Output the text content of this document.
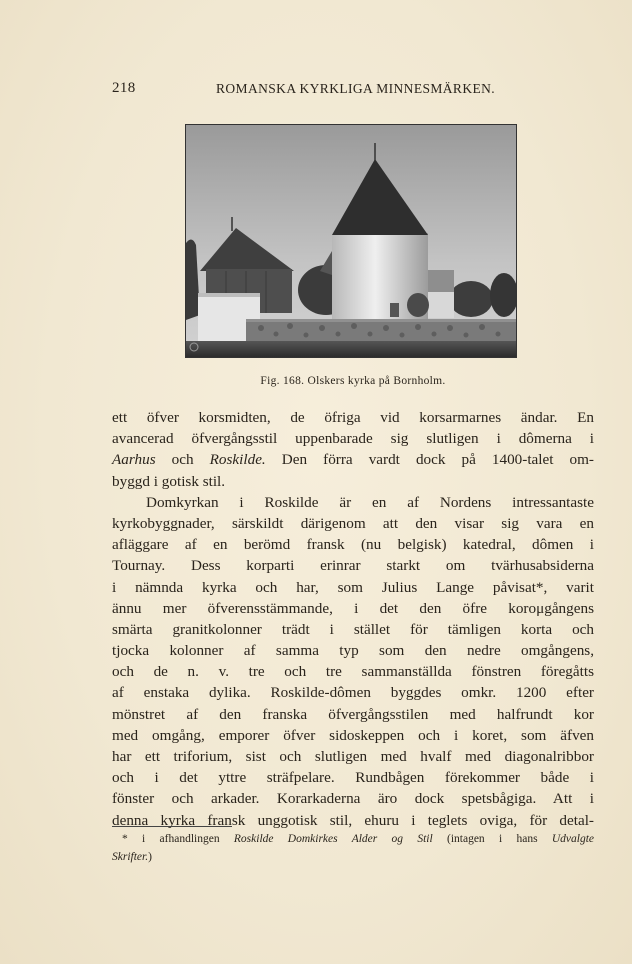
218	ROMANSKA KYRKLIGA MINNESMÄRKEN.
Fig. 168. Olskers kyrka på Bornholm.
ett öfver korsmidten, de öfriga vid korsarmarnes ändar. En
avancerad öfvergångsstil uppenbarade sig slutligen i dômerna i
Aarhus och Roskilde. Den förra vardt dock på 1400-talet om-
byggd i gotisk stil.
Domkyrkan i Roskilde är en af Nordens intressantaste
kyrkobyggnader, särskildt därigenom att den visar sig vara en
afläggare af en berömd fransk (nu belgisk) katedral, dômen i
Tournay. Dess korparti erinrar starkt om tvärhusabsiderna
i nämnda kyrka och har, som Julius Lange påvisat*, varit
ännu mer öfverensstämmande, i det den öfre korομgångens
smärta granitkolonner trädt i stället för tämligen korta och
tjocka kolonner af samma typ som den nedre omgångens,
och de n. v. tre och tre sammanställda fönstren föregåtts
af enstaka dylika. Roskilde-dômen byggdes omkr. 1200 efter
mönstret af den franska öfvergångsstilen med halfrundt kor
med omgång, emporer öfver sidoskeppen och i koret, som äfven
har ett triforium, sist och slutligen med hvalf med diagonalribbor
och i det yttre sträfpelare. Rundbågen förekommer både i
fönster och arkader. Korarkaderna äro dock spetsbågiga. Att i
denna kyrka fransk unggotisk stil, ehuru i teglets oviga, för detal-
* i afhandlingen Roskilde Domkirkes Alder og Stil (intagen i hans Udvalgte
Skrifter.)
